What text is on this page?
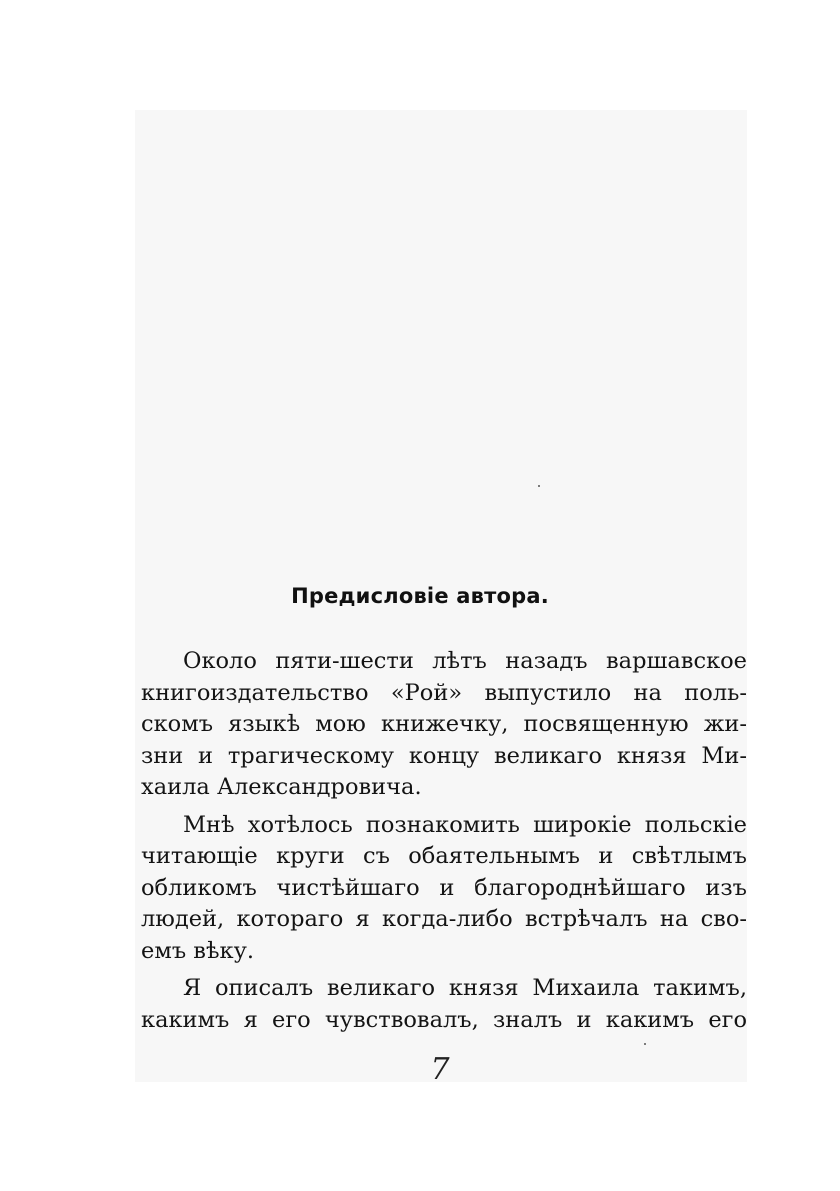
Предисловіе автора.
Около пяти-шести лѣтъ назадъ варшавское
книгоиздательство «Рой» выпустило на поль-
скомъ языкѣ мою книжечку, посвященную жи-
зни и трагическому концу великаго князя Ми-
хаила Александровича.
Мнѣ хотѣлось познакомить широкіе польскіе
читающіе круги съ обаятельнымъ и свѣтлымъ
обликомъ чистѣйшаго и благороднѣйшаго изъ
людей, котораго я когда-либо встрѣчалъ на сво-
емъ вѣку.
Я описалъ великаго князя Михаила такимъ,
какимъ я его чувствовалъ, зналъ и какимъ его
7
